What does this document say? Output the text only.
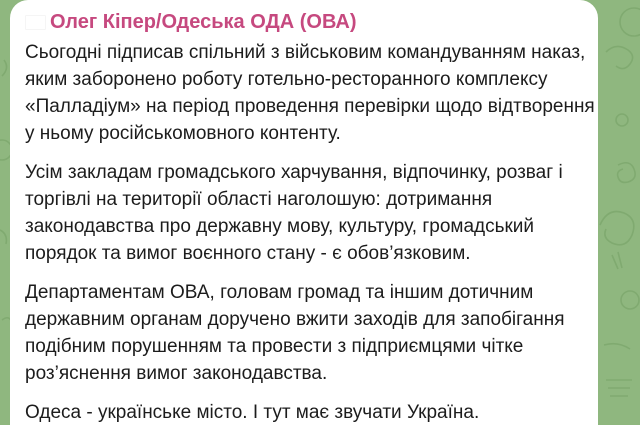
Олег Кіпер/Одеська ОДА (ОВА)
Сьогодні підписав спільний з військовим командуванням наказ,
яким заборонено роботу готельно-ресторанного комплексу
«Палладіум» на період проведення перевірки щодо відтворення
у ньому російськомовного контенту.
Усім закладам громадського харчування, відпочинку, розваг і
торгівлі на території області наголошую: дотримання
законодавства про державну мову, культуру, громадський
порядок та вимог воєнного стану - є обов’язковим.
Департаментам ОВА, головам громад та іншим дотичним
державним органам доручено вжити заходів для запобігання
подібним порушенням та провести з підприємцями чітке
роз’яснення вимог законодавства.
Одеса - українське місто. І тут має звучати Україна.
